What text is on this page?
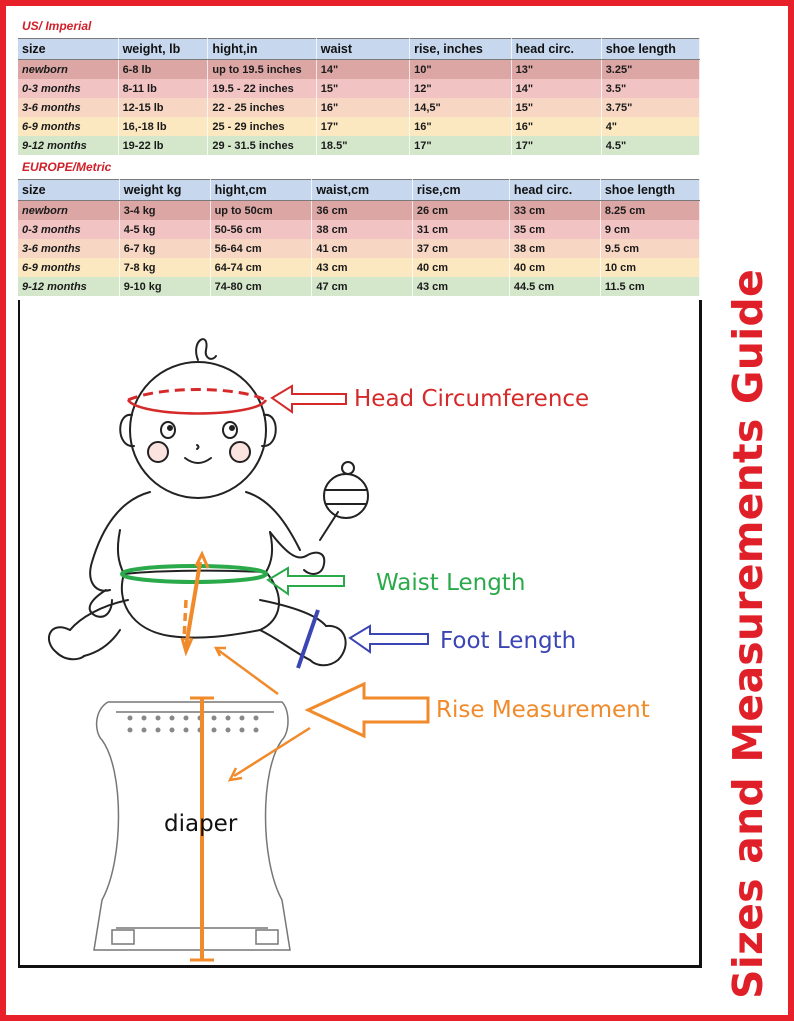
US/ Imperial
size	weight, lb	hight,in	waist	rise, inches	head circ.	shoe length
newborn	6-8 lb	up to 19.5 inches	14"	10"	13"	3.25"
0-3 months	8-11 lb	19.5 - 22 inches	15"	12"	14"	3.5"
3-6 months	12-15 lb	22 - 25 inches	16"	14,5"	15"	3.75"
6-9 months	16,-18 lb	25 - 29 inches	17"	16"	16"	4"
9-12 months	19-22 lb	29 - 31.5 inches	18.5"	17"	17"	4.5"
EUROPE/Metric
size	weight kg	hight,cm	waist,cm	rise,cm	head circ.	shoe length
newborn	3-4 kg	up to 50cm	36 cm	26 cm	33 cm	8.25 cm
0-3 months	4-5 kg	50-56 cm	38 cm	31 cm	35 cm	9 cm
3-6 months	6-7 kg	56-64 cm	41 cm	37 cm	38 cm	9.5 cm
6-9 months	7-8 kg	64-74 cm	43 cm	40 cm	40 cm	10 cm
9-12 months	9-10 kg	74-80 cm	47 cm	43 cm	44.5 cm	11.5 cm
Head Circumference
Waist Length
Foot Length
Rise Measurement
diaper	Sizes and Measurements Guide
